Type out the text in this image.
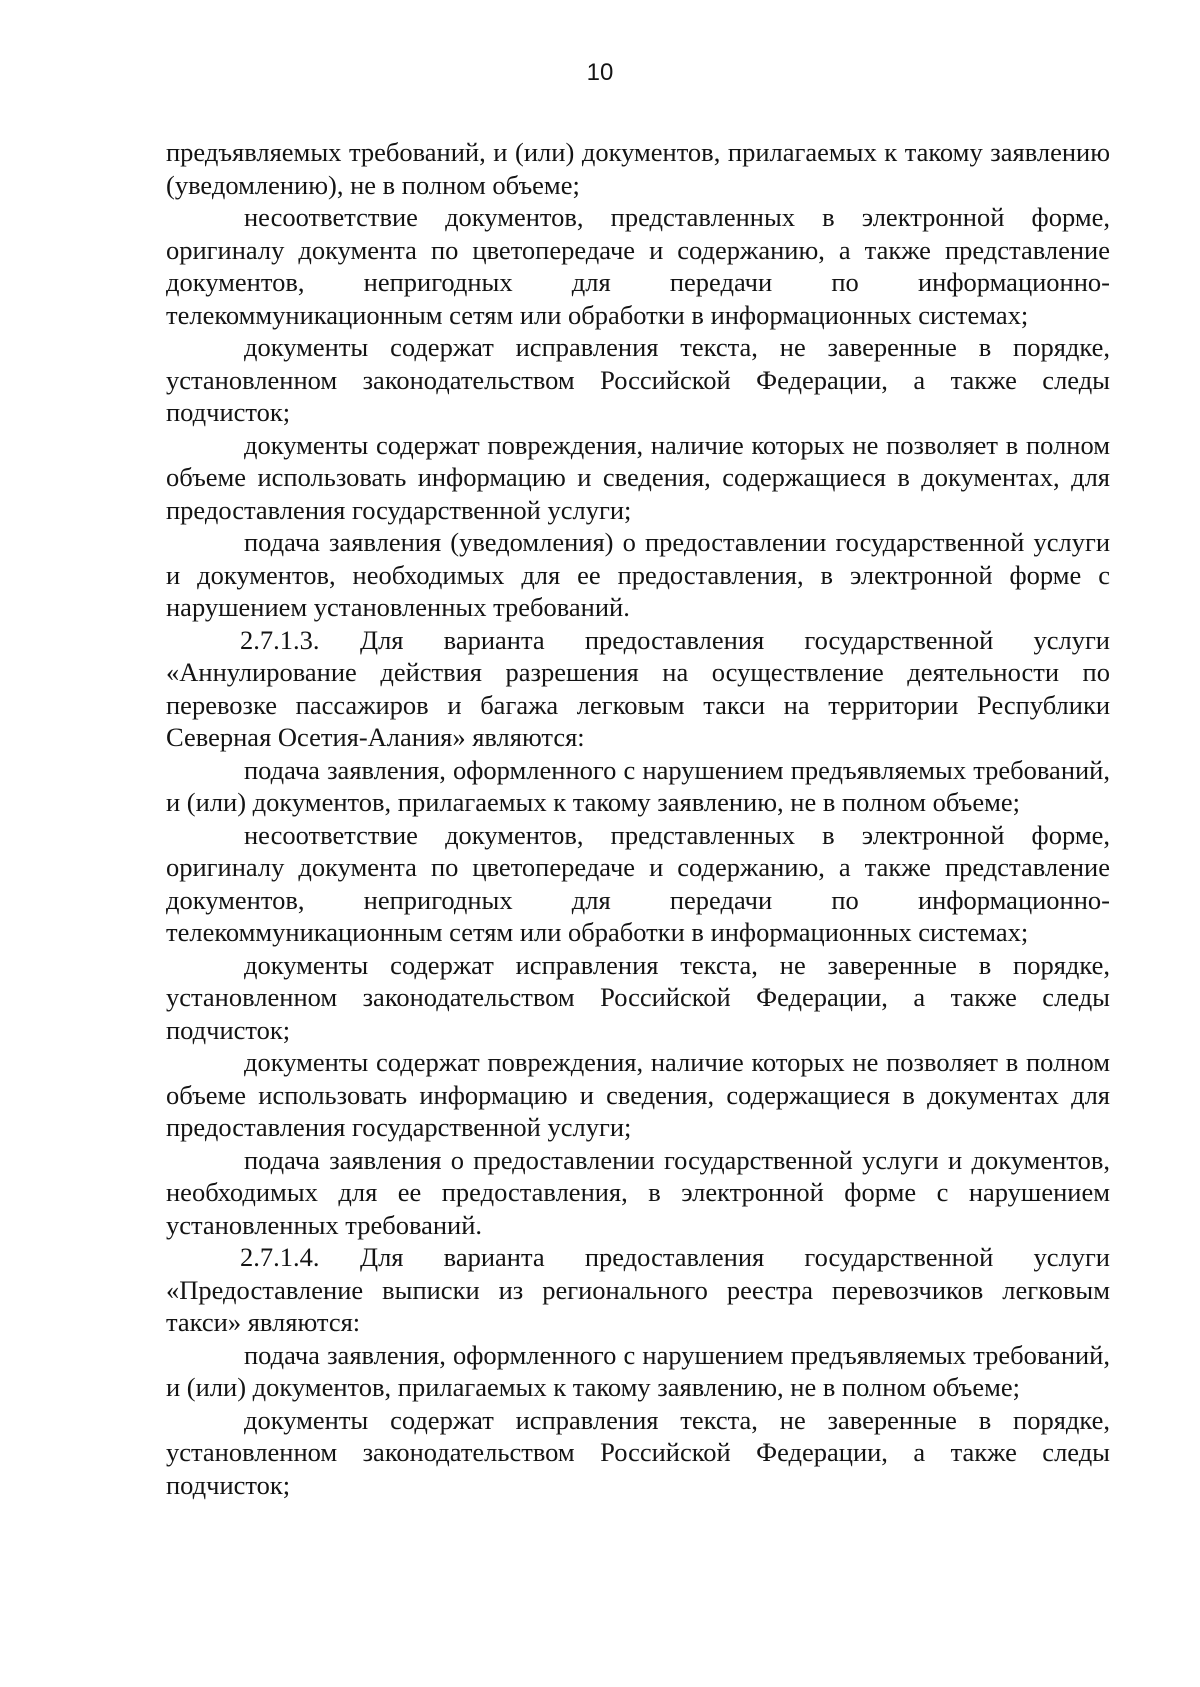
10

предъявляемых требований, и (или) документов, прилагаемых к такому заявлению (уведомлению), не в полном объеме;

несоответствие документов, представленных в электронной форме, оригиналу документа по цветопередаче и содержанию, а также представление документов, непригодных для передачи по информационно-телекоммуникационным сетям или обработки в информационных системах;

документы содержат исправления текста, не заверенные в порядке, установленном законодательством Российской Федерации, а также следы подчисток;

документы содержат повреждения, наличие которых не позволяет в полном объеме использовать информацию и сведения, содержащиеся в документах, для предоставления государственной услуги;

подача заявления (уведомления) о предоставлении государственной услуги и документов, необходимых для ее предоставления, в электронной форме с нарушением установленных требований.

2.7.1.3. Для варианта предоставления государственной услуги «Аннулирование действия разрешения на осуществление деятельности по перевозке пассажиров и багажа легковым такси на территории Республики Северная Осетия-Алания» являются:

подача заявления, оформленного с нарушением предъявляемых требований, и (или) документов, прилагаемых к такому заявлению, не в полном объеме;

несоответствие документов, представленных в электронной форме, оригиналу документа по цветопередаче и содержанию, а также представление документов, непригодных для передачи по информационно-телекоммуникационным сетям или обработки в информационных системах;

документы содержат исправления текста, не заверенные в порядке, установленном законодательством Российской Федерации, а также следы подчисток;

документы содержат повреждения, наличие которых не позволяет в полном объеме использовать информацию и сведения, содержащиеся в документах для предоставления государственной услуги;

подача заявления о предоставлении государственной услуги и документов, необходимых для ее предоставления, в электронной форме с нарушением установленных требований.

2.7.1.4. Для варианта предоставления государственной услуги «Предоставление выписки из регионального реестра перевозчиков легковым такси» являются:

подача заявления, оформленного с нарушением предъявляемых требований, и (или) документов, прилагаемых к такому заявлению, не в полном объеме;

документы содержат исправления текста, не заверенные в порядке, установленном законодательством Российской Федерации, а также следы подчисток;
